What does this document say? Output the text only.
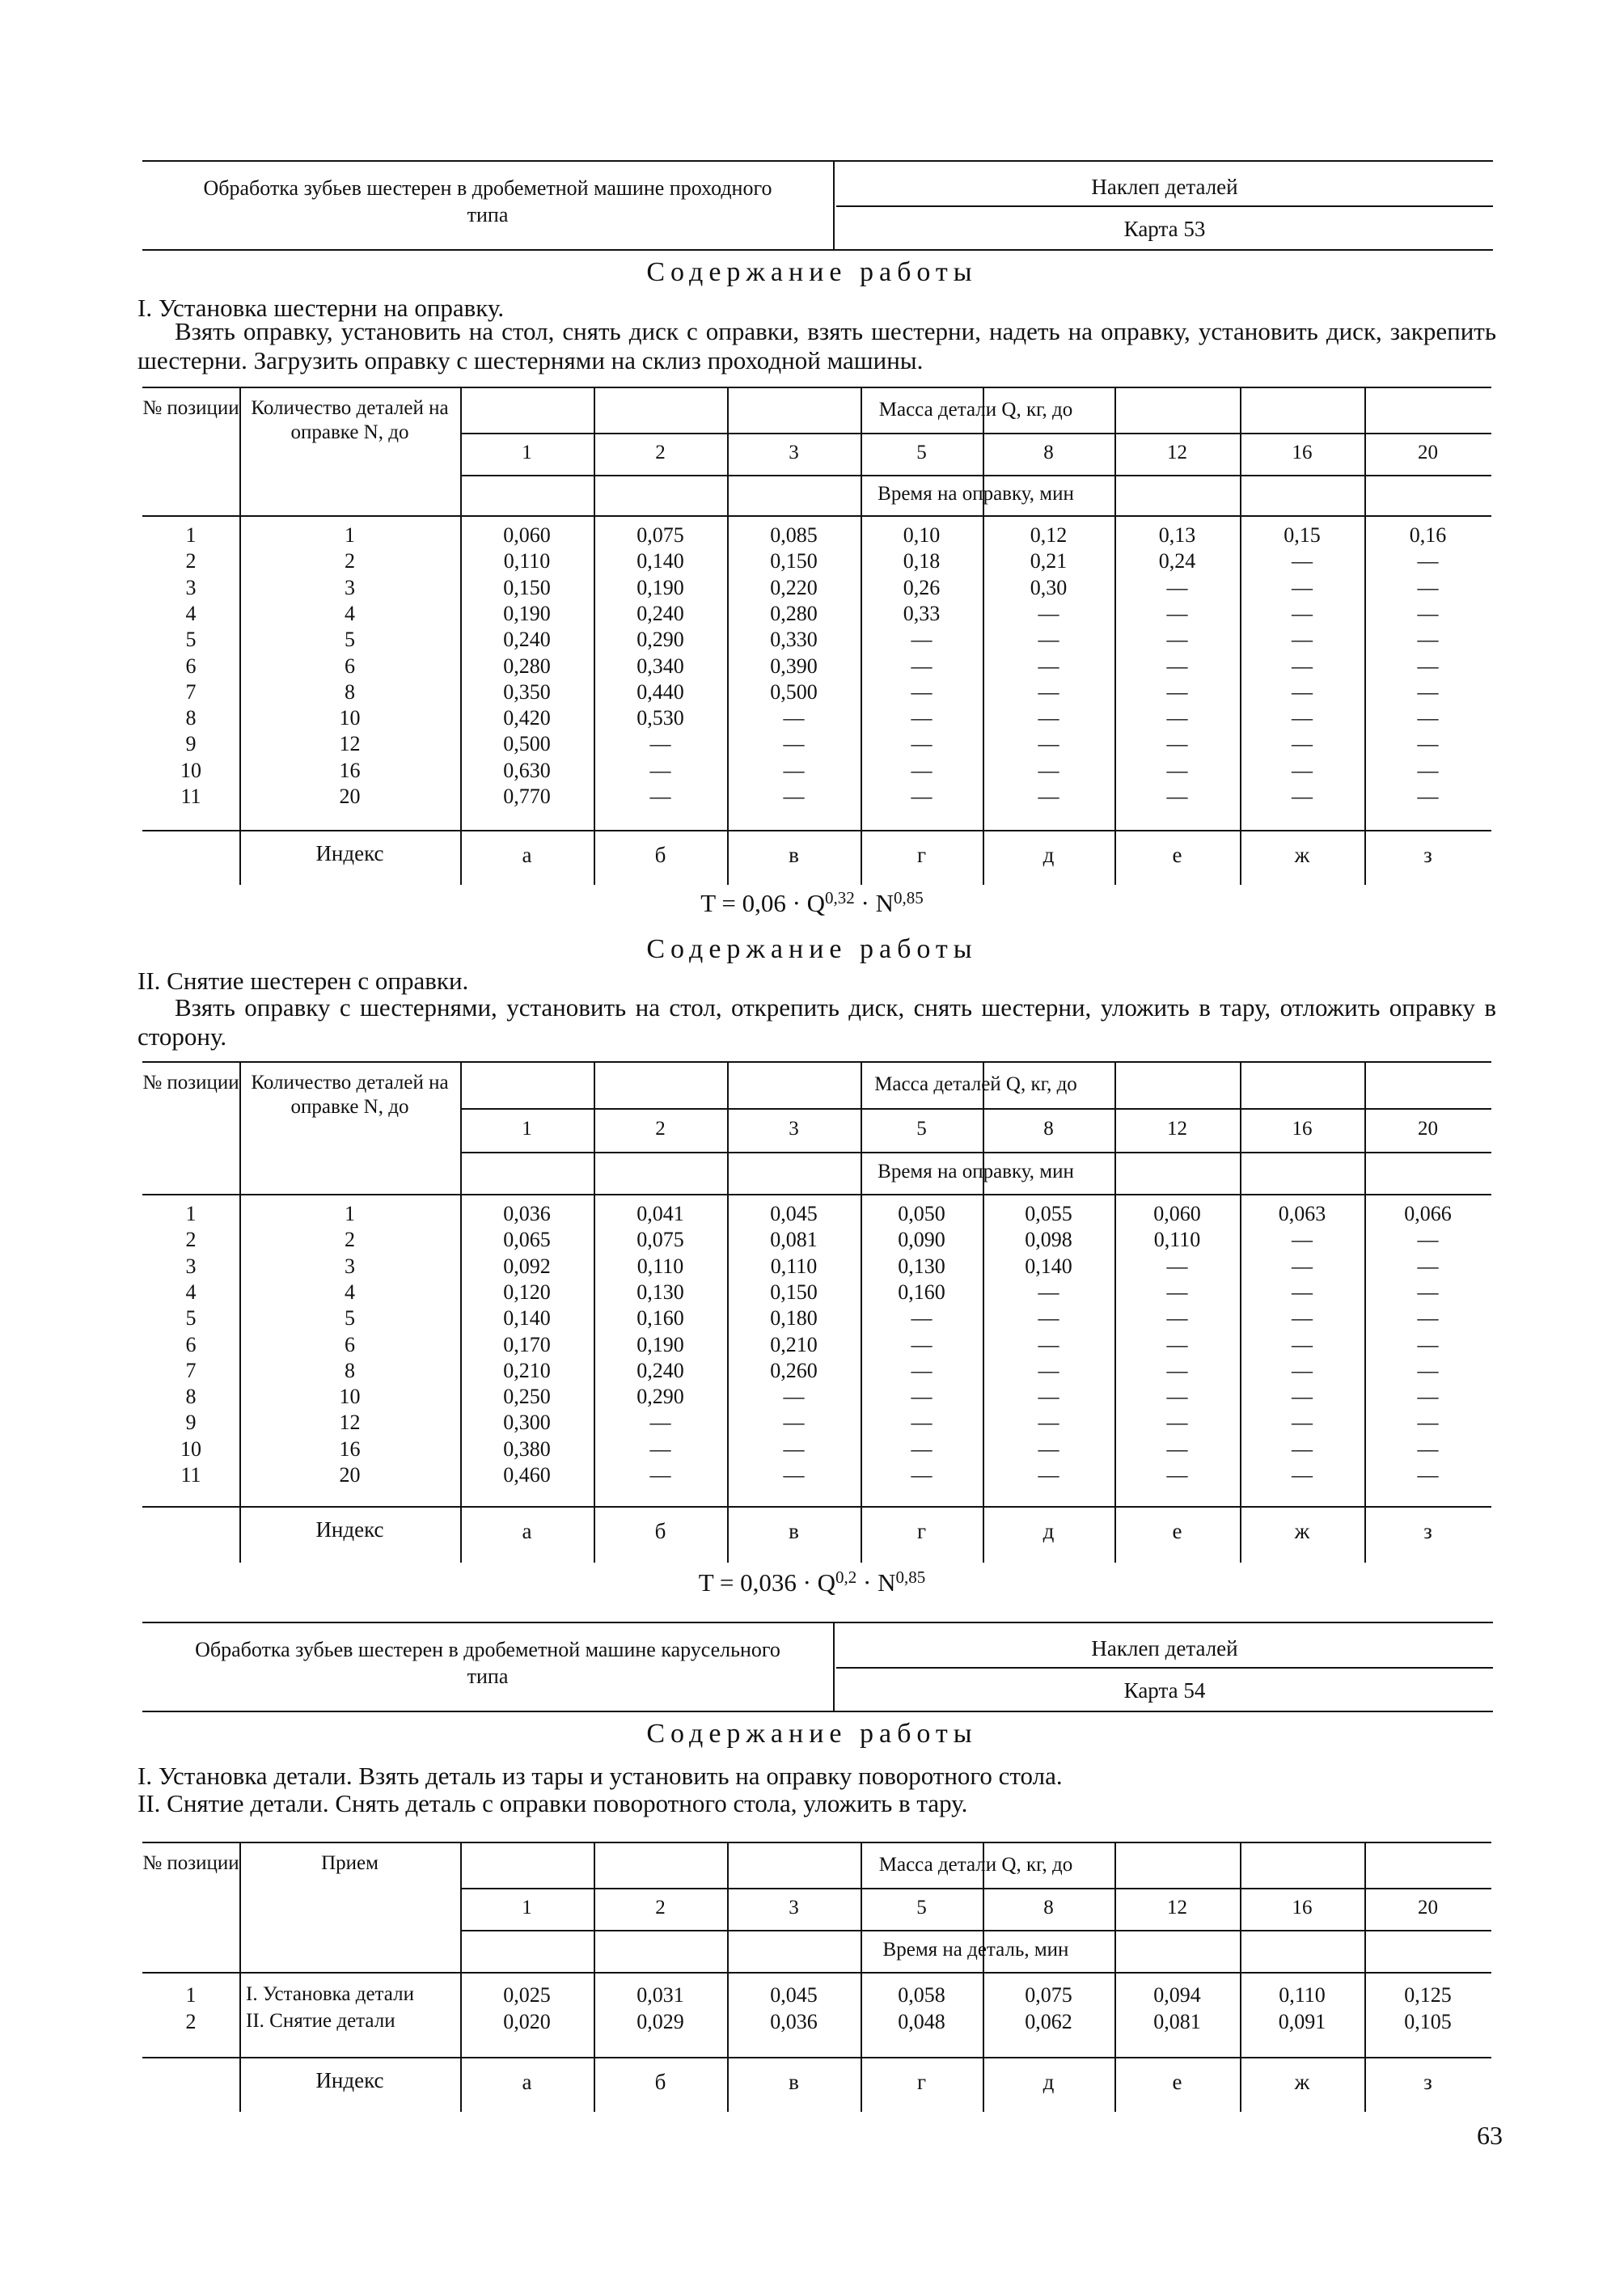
Обработка зубьев шестерен в дробеметной машине проходного типа
Наклеп деталей
Карта 53
Содержание работы
I. Установка шестерни на оправку.
Взять оправку, установить на стол, снять диск с оправки, взять шестерни, надеть на оправку, установить диск, закрепить шестерни. Загрузить оправку с шестернями на склиз проходной машины.
№ позиции Количество деталей на оправке N, до
Масса детали Q, кг, до
1	2	3	5	8	12	16	20
Время на оправку, мин
1	1	0,060	0,075	0,085	0,10	0,12	0,13	0,15	0,16
2	2	0,110	0,140	0,150	0,18	0,21	0,24	—	—
3	3	0,150	0,190	0,220	0,26	0,30	—	—	—
4	4	0,190	0,240	0,280	0,33	—	—	—	—
5	5	0,240	0,290	0,330	—	—	—	—	—
6	6	0,280	0,340	0,390	—	—	—	—	—
7	8	0,350	0,440	0,500	—	—	—	—	—
8	10	0,420	0,530	—	—	—	—	—	—
9	12	0,500	—	—	—	—	—	—	—
10	16	0,630	—	—	—	—	—	—	—
11	20	0,770	—	—	—	—	—	—	—
Индекс	а	б	в	г	д	е	ж	з
T = 0,06 · Q$^{0,32}$ · N$^{0,85}$
Содержание работы
II. Снятие шестерен с оправки.
Взять оправку с шестернями, установить на стол, открепить диск, снять шестерни, уложить в тару, отложить оправку в сторону.
№ позиции Количество деталей на оправке N, до
Масса деталей Q, кг, до
1	2	3	5	8	12	16	20
Время на оправку, мин
1	1	0,036	0,041	0,045	0,050	0,055	0,060	0,063	0,066
2	2	0,065	0,075	0,081	0,090	0,098	0,110	—	—
3	3	0,092	0,110	0,110	0,130	0,140	—	—	—
4	4	0,120	0,130	0,150	0,160	—	—	—	—
5	5	0,140	0,160	0,180	—	—	—	—	—
6	6	0,170	0,190	0,210	—	—	—	—	—
7	8	0,210	0,240	0,260	—	—	—	—	—
8	10	0,250	0,290	—	—	—	—	—	—
9	12	0,300	—	—	—	—	—	—	—
10	16	0,380	—	—	—	—	—	—	—
11	20	0,460	—	—	—	—	—	—	—
Индекс	а	б	в	г	д	е	ж	з
T = 0,036 · Q$^{0,2}$ · N$^{0,85}$
Обработка зубьев шестерен в дробеметной машине карусельного типа
Наклеп деталей
Карта 54
Содержание работы
I. Установка детали. Взять деталь из тары и установить на оправку поворотного стола.
II. Снятие детали. Снять деталь с оправки поворотного стола, уложить в тару.
№ позиции	Прием	Масса детали Q, кг, до
1	2	3	5	8	12	16	20
Время на деталь, мин
1	I. Установка детали	0,025	0,031	0,045	0,058	0,075	0,094	0,110	0,125
2	II. Снятие детали	0,020	0,029	0,036	0,048	0,062	0,081	0,091	0,105
Индекс	а	б	в	г	д	е	ж	з
63
